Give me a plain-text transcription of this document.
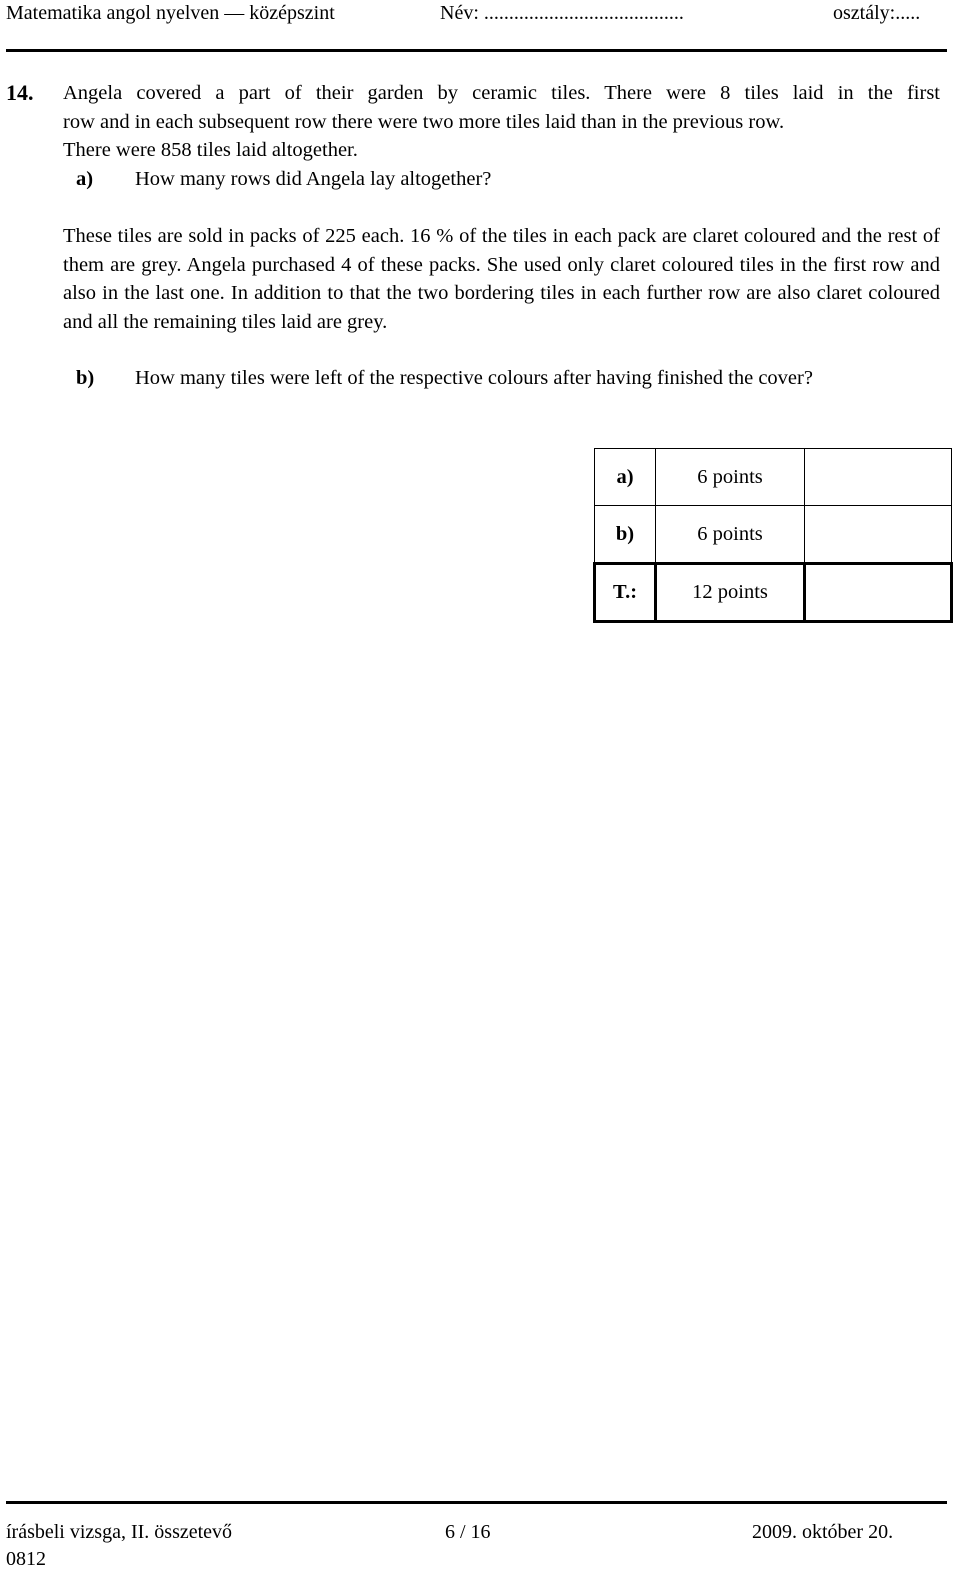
Matematika angol nyelven — középszint	Név: ........................................	osztály:.....
14. Angela covered a part of their garden by ceramic tiles. There were 8 tiles laid in the first
row and in each subsequent row there were two more tiles laid than in the previous row.
There were 858 tiles laid altogether.
a) How many rows did Angela lay altogether?

These tiles are sold in packs of 225 each. 16 % of the tiles in each pack are claret coloured and the rest of them are grey. Angela purchased 4 of these packs. She used only claret coloured tiles in the first row and also in the last one. In addition to that the two bordering tiles in each further row are also claret coloured and all the remaining tiles laid are grey.

b) How many tiles were left of the respective colours after having finished the cover?

a)	6 points	
b)	6 points	
T.:	12 points	
írásbeli vizsga, II. összetevő	6 / 16	2009. október 20.
0812
